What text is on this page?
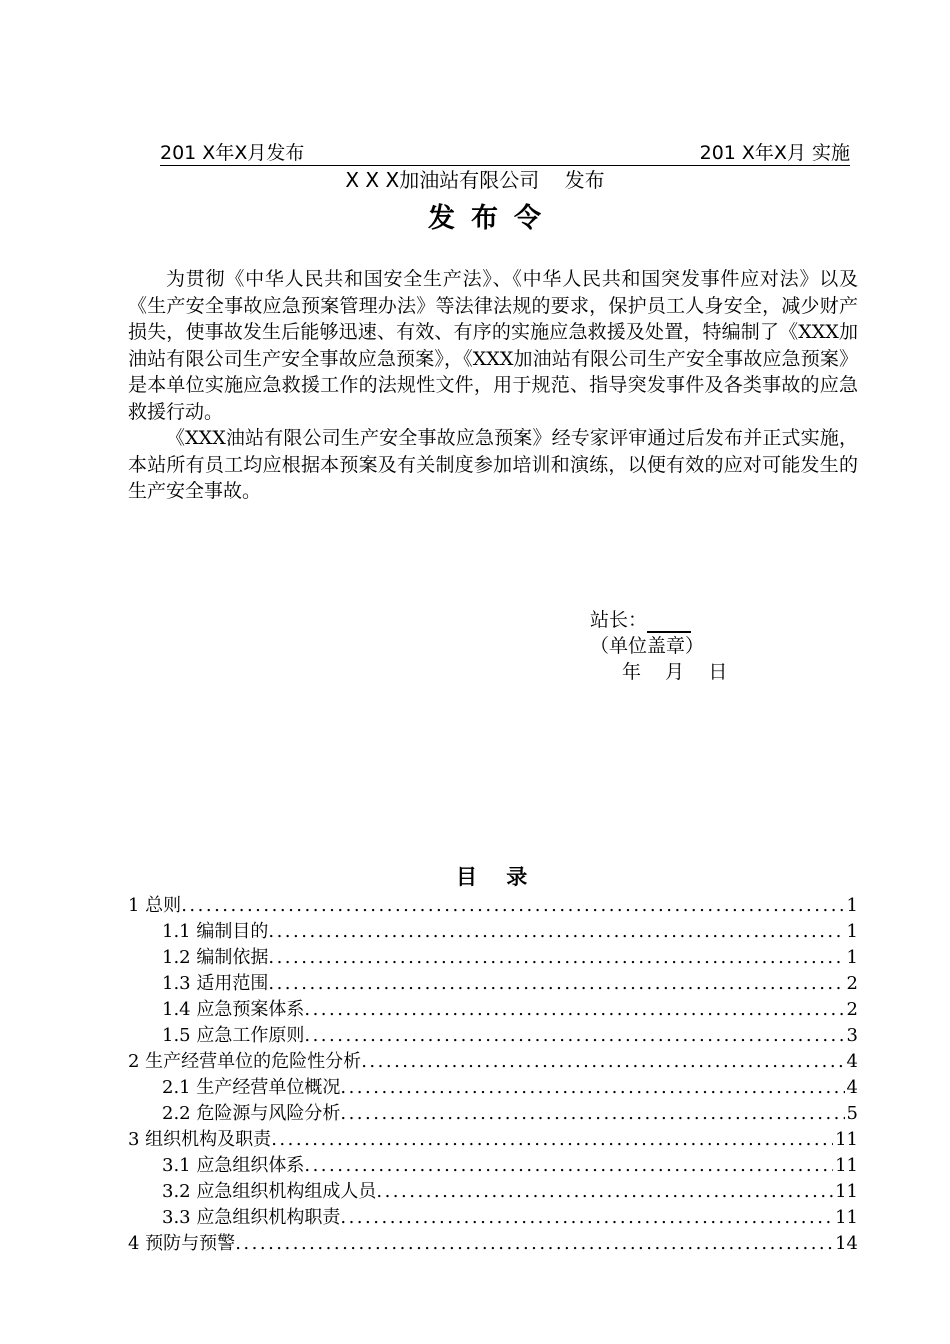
201 X年X月发布	201 X年X月 实施
X X X加油站有限公司    发布
发布令

为贯彻《中华人民共和国安全生产法》、《中华人民共和国突发事件应对法》以及《生产安全事故应急预案管理办法》等法律法规的要求，保护员工人身安全，减少财产损失，使事故发生后能够迅速、有效、有序的实施应急救援及处置，特编制了《XXX加油站有限公司生产安全事故应急预案》，《XXX加油站有限公司生产安全事故应急预案》是本单位实施应急救援工作的法规性文件，用于规范、指导突发事件及各类事故的应急救援行动。

《XXX油站有限公司生产安全事故应急预案》经专家评审通过后发布并正式实施，本站所有员工均应根据本预案及有关制度参加培训和演练，以便有效的应对可能发生的生产安全事故。

站长：
（单位盖章）
年    月    日
目    录
1 总则 .....	1
1.1 编制目的 .....	1
1.2 编制依据 .....	1
1.3 适用范围 .....	2
1.4 应急预案体系 .....	2
1.5 应急工作原则 .....	3
2 生产经营单位的危险性分析 .....	4
2.1 生产经营单位概况 .....	4
2.2 危险源与风险分析 .....	5
3 组织机构及职责 .....	11
3.1 应急组织体系 .....	11
3.2 应急组织机构组成人员 .....	11
3.3 应急组织机构职责 .....	11
4 预防与预警 .....	14
